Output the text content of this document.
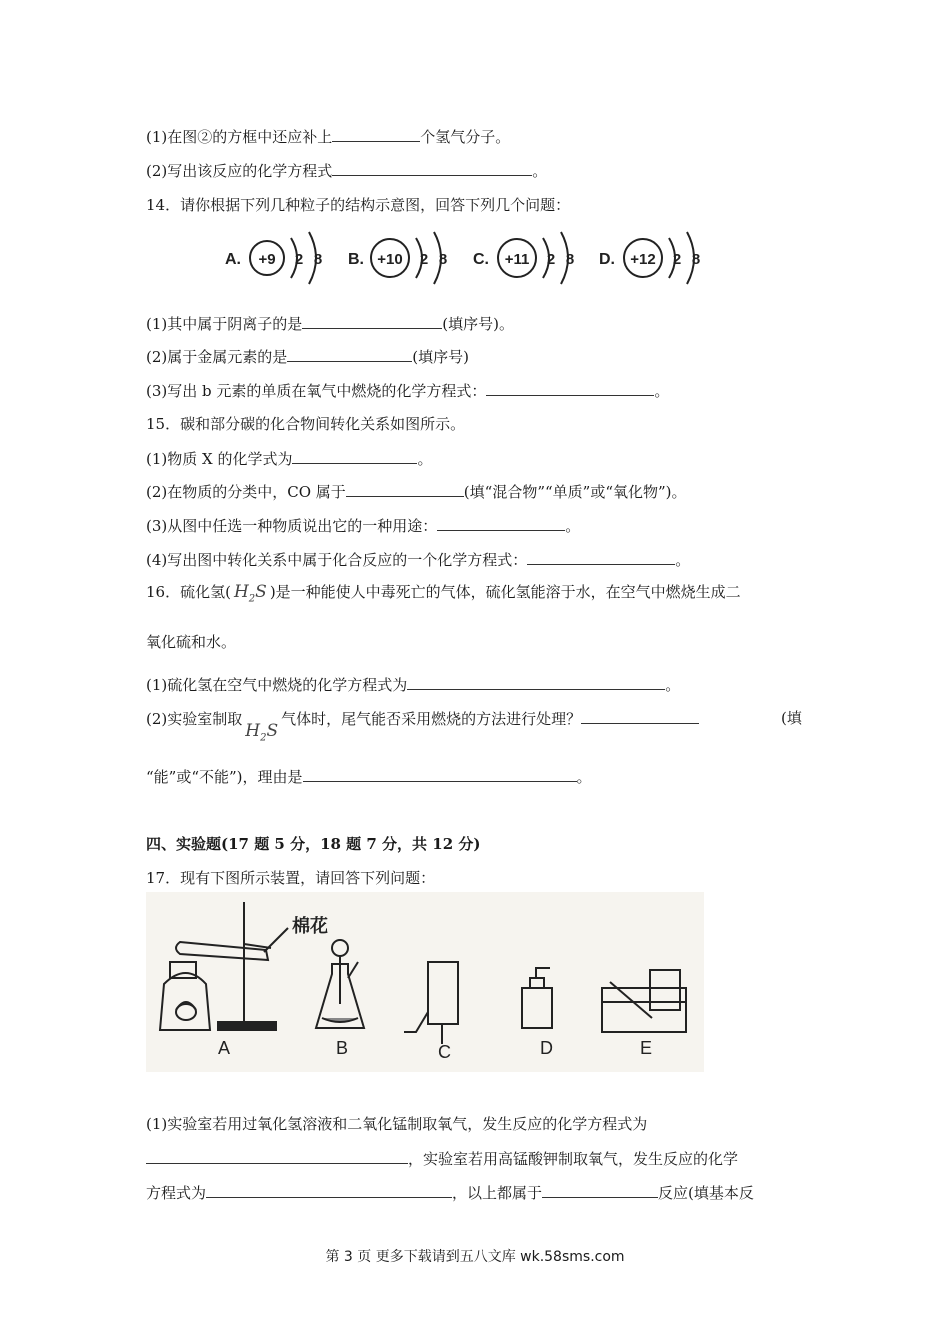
(1)在图②的方框中还应补上	个氢气分子。
(2)写出该反应的化学方程式	。
14．请你根据下列几种粒子的结构示意图，回答下列几个问题：
A. +9 2 8 B. +10 2 8 C. +11 2 8 D. +12 2 8
(1)其中属于阴离子的是	(填序号)。
(2)属于金属元素的是	(填序号)
(3)写出 b 元素的单质在氧气中燃烧的化学方程式：	。
15．碳和部分碳的化合物间转化关系如图所示。
(1)物质 X 的化学式为	。
(2)在物质的分类中，CO 属于	(填“混合物”“单质”或“氧化物”)。
(3)从图中任选一种物质说出它的一种用途：	。
(4)写出图中转化关系中属于化合反应的一个化学方程式：	。
16．硫化氢( $H_2S$ )是一种能使人中毒死亡的气体，硫化氢能溶于水，在空气中燃烧生成二
氧化硫和水。
(1)硫化氢在空气中燃烧的化学方程式为	。
(2)实验室制取$H_2S$气体时，尾气能否采用燃烧的方法进行处理？	(填
“能”或“不能”)，理由是	。
四、实验题(17 题 5 分，18 题 7 分，共 12 分)
17．现有下图所示装置，请回答下列问题：
棉花
A	B	C	D	E
(1)实验室若用过氧化氢溶液和二氧化锰制取氧气，发生反应的化学方程式为
，实验室若用高锰酸钾制取氧气，发生反应的化学
方程式为	，以上都属于	反应(填基本反
第 3 页 更多下载请到五八文库 wk.58sms.com
